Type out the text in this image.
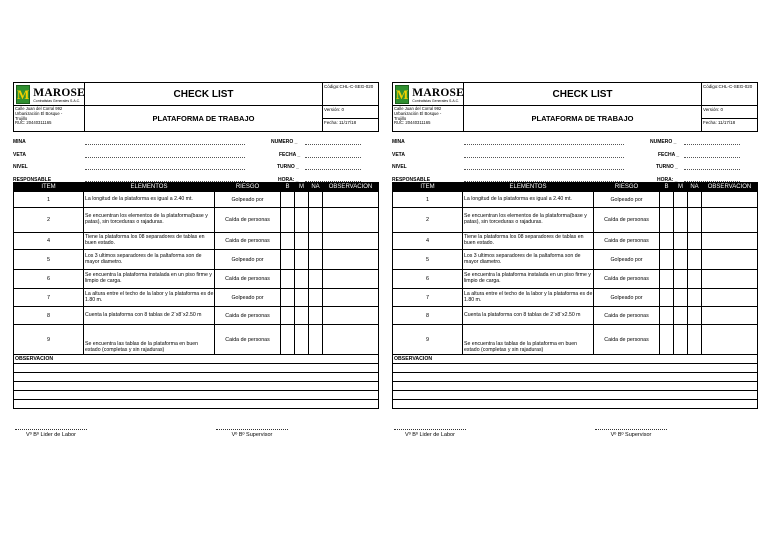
M MAROSE
Contratistas Generales S.A.C.	CHECK LIST	Código:CHL-C-SEG-020

Calle Juan del Corral 992
Urbanización El Bosque -
Trujillo
RUC: 20440311165	PLATAFORMA DE TRABAJO	Versión: 0
		Fecha: 11/17/18
MINA
VETA
NIVEL
RESPONSABLE
NUMERO _
FECHA _
TURNO _
HORA: _
ITEM	ELEMENTOS	RIESGO	B	M	NA	OBSERVACION
1	La longitud de la plataforma es igual a 2.40 mt.	Golpeado por				
2	Se encuentran los elementos de la plataforma(base y patas), sin torceduras o rajaduras.	Caída de personas				
4	Tiene la plataforma los 08 separadores de tablas en buen estado.	Caida de personas				
5	Los 3 ultimos separadores de la paltaforma son de mayor diametro.	Golpeado por				
6	Se encuentra la plataforma instalada en un piso firme y limpio de carga.	Caída de personas				
7	La altura entre el techo de la labor y la plataforma es de 1.80 m.	Golpeado por				
8	Cuenta la plataforma con 8 tablas de 2¨x8¨x2.50 m	Caida de personas				
9	Se encuentra las tablas de la plataforma en buen estado (completas y sin rajaduras)	Caida de personas				
OBSERVACION						

Vº Bº Lider de Labor	Vº Bº Supervisor
M MAROSE
Contratistas Generales S.A.C.	CHECK LIST	Código:CHL-C-SEG-020

Calle Juan del Corral 992
Urbanización El Bosque -
Trujillo
RUC: 20440311165	PLATAFORMA DE TRABAJO	Versión: 0
		Fecha: 11/17/18
MINA
VETA
NIVEL
RESPONSABLE
NUMERO _
FECHA _
TURNO _
HORA: _
ITEM	ELEMENTOS	RIESGO	B	M	NA	OBSERVACION
1	La longitud de la plataforma es igual a 2.40 mt.	Golpeado por				
2	Se encuentran los elementos de la plataforma(base y patas), sin torceduras o rajaduras.	Caída de personas				
4	Tiene la plataforma los 08 separadores de tablas en buen estado.	Caida de personas				
5	Los 3 ultimos separadores de la paltaforma son de mayor diametro.	Golpeado por				
6	Se encuentra la plataforma instalada en un piso firme y limpio de carga.	Caída de personas				
7	La altura entre el techo de la labor y la plataforma es de 1.80 m.	Golpeado por				
8	Cuenta la plataforma con 8 tablas de 2¨x8¨x2.50 m	Caida de personas				
9	Se encuentra las tablas de la plataforma en buen estado (completas y sin rajaduras)	Caida de personas				
OBSERVACION						

Vº Bº Lider de Labor	Vº Bº Supervisor
